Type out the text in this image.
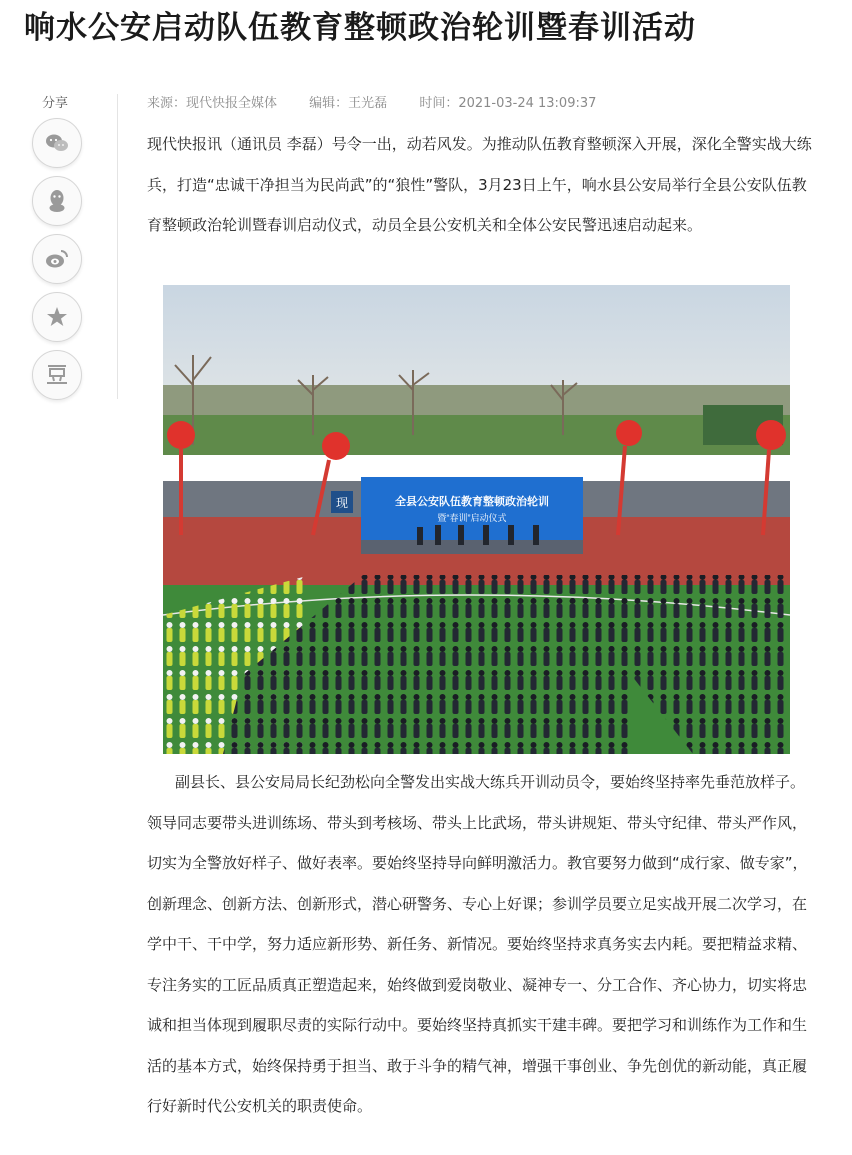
响水公安启动队伍教育整顿政治轮训暨春训活动
分享	来源：现代快报全媒体 编辑：王光磊 时间：2021-03-24 13:09:37

现代快报讯（通讯员 李磊）号令一出，动若风发。为推动队伍教育整顿深入开展，深化全警实战大练兵，打造“忠诚干净担当为民尚武”的“狼性”警队，3月23日上午，响水县公安局举行全县公安队伍教育整顿政治轮训暨春训启动仪式，动员全县公安机关和全体公安民警迅速启动起来。

全县公安队伍教育整顿政治轮训
暨“春训”启动仪式
现

副县长、县公安局局长纪劲松向全警发出实战大练兵开训动员令，要始终坚持率先垂范放样子。领导同志要带头进训练场、带头到考核场、带头上比武场，带头讲规矩、带头守纪律、带头严作风，切实为全警放好样子、做好表率。要始终坚持导向鲜明激活力。教官要努力做到“成行家、做专家”，创新理念、创新方法、创新形式，潜心研警务、专心上好课；参训学员要立足实战开展二次学习，在学中干、干中学，努力适应新形势、新任务、新情况。要始终坚持求真务实去内耗。要把精益求精、专注务实的工匠品质真正塑造起来，始终做到爱岗敬业、凝神专一、分工合作、齐心协力，切实将忠诚和担当体现到履职尽责的实际行动中。要始终坚持真抓实干建丰碑。要把学习和训练作为工作和生活的基本方式，始终保持勇于担当、敢于斗争的精气神，增强干事创业、争先创优的新动能，真正履行好新时代公安机关的职责使命。
